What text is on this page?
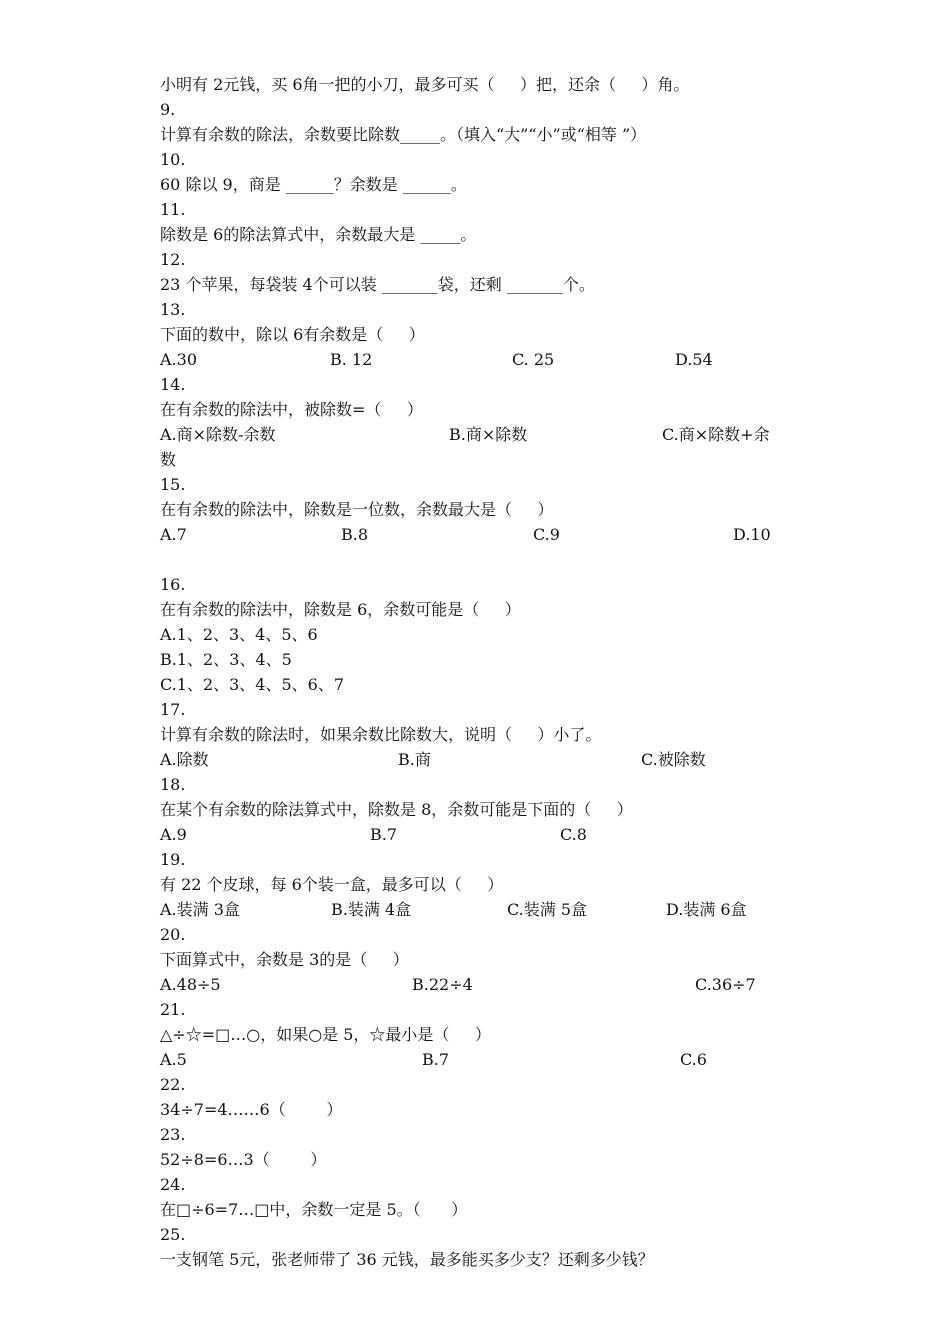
小明有 2元钱，买 6角一把的小刀，最多可买（     ）把，还余（     ）角。
9.
计算有余数的除法，余数要比除数_____。（填入“大”“小”或“相等 ”）
10.
60 除以 9，商是 ______？余数是 ______。
11.
除数是 6的除法算式中，余数最大是 _____。
12.
23 个苹果，每袋装 4个可以装 _______袋，还剩 _______个。
13.
下面的数中，除以 6有余数是（     ）
A.30	B. 12	C. 25	D.54
14.
在有余数的除法中，被除数=（     ）
A.商×除数-余数	B.商×除数	C.商×除数+余
数
15.
在有余数的除法中，除数是一位数，余数最大是（     ）
A.7	B.8	C.9	D.10
16.
在有余数的除法中，除数是 6，余数可能是（     ）
A.1、2、3、4、5、6
B.1、2、3、4、5
C.1、2、3、4、5、6、7
17.
计算有余数的除法时，如果余数比除数大，说明（     ）小了。
A.除数	B.商	C.被除数
18.
在某个有余数的除法算式中，除数是 8，余数可能是下面的（     ）
A.9	B.7	C.8
19.
有 22 个皮球，每 6个装一盒，最多可以（     ）
A.装满 3盒	B.装满 4盒	C.装满 5盒	D.装满 6盒
20.
下面算式中，余数是 3的是（     ）
A.48÷5	B.22÷4	C.36÷7
21.
△÷☆=□…○，如果○是 5，☆最小是（     ）
A.5	B.7	C.6
22.
34÷7=4……6（        ）
23.
52÷8=6…3（        ）
24.
在□÷6=7…□中，余数一定是 5。（      ）
25.
一支钢笔 5元，张老师带了 36 元钱，最多能买多少支？还剩多少钱？
